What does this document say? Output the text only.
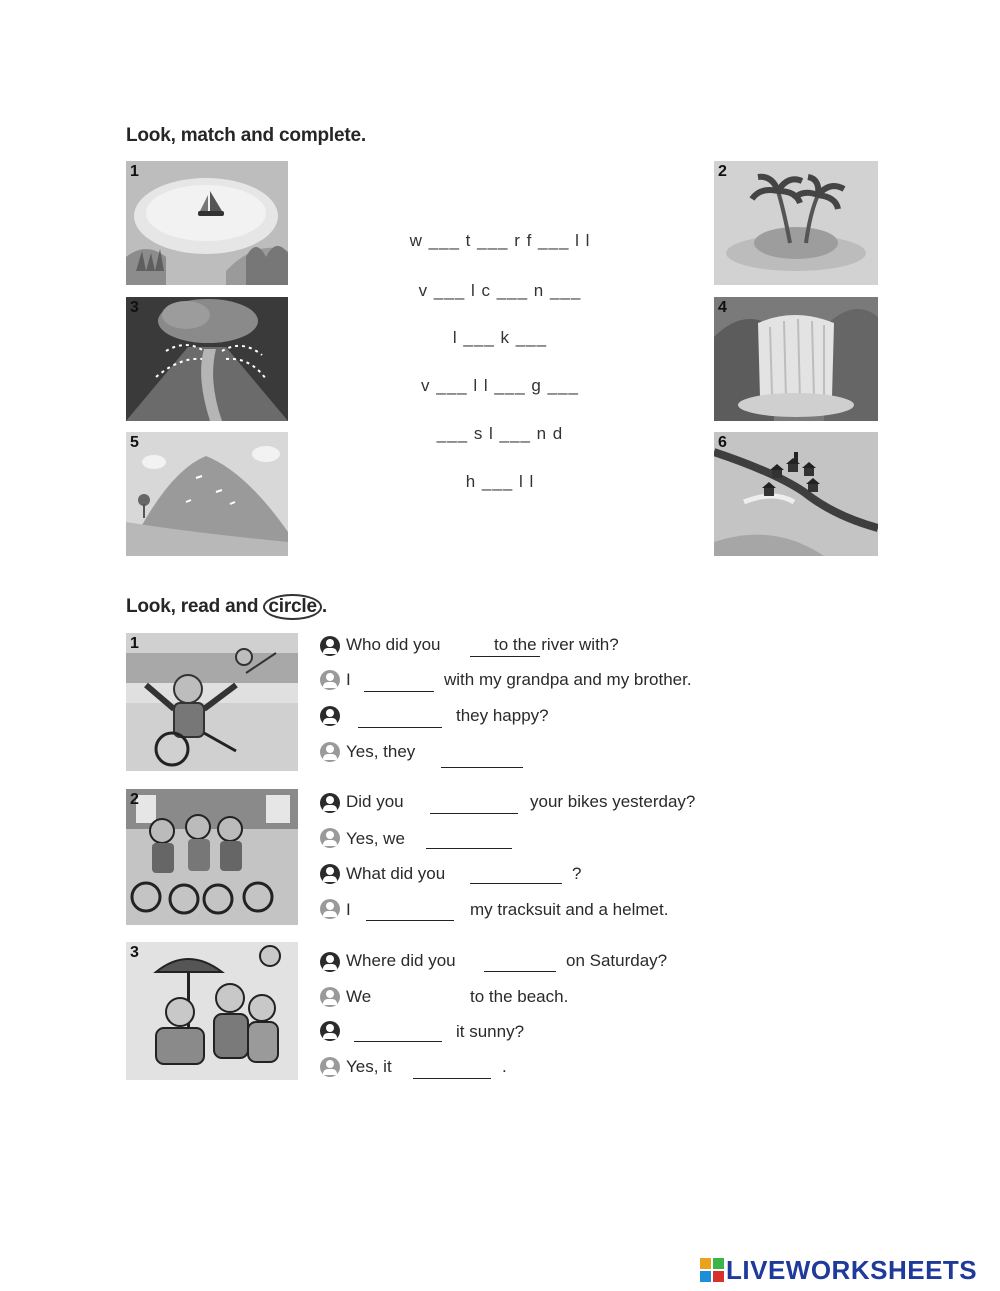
Look, match and complete.
1	2
3	4
5	6
w ___ t ___ r f ___ l l
v ___ l c ___ n ___
l ___ k ___
v ___ l l ___ g ___
___ s l ___ n d
h ___ l l
Look, read and circle .
1
2
3
Who did you	to the river with?
I	with my grandpa and my brother.
they happy?
Yes, they
Did you	your bikes yesterday?
Yes, we
What did you	?
I	my tracksuit and a helmet.
Where did you	on Saturday?
We	to the beach.
it sunny?
Yes, it	.
LIVEWORKSHEETS
